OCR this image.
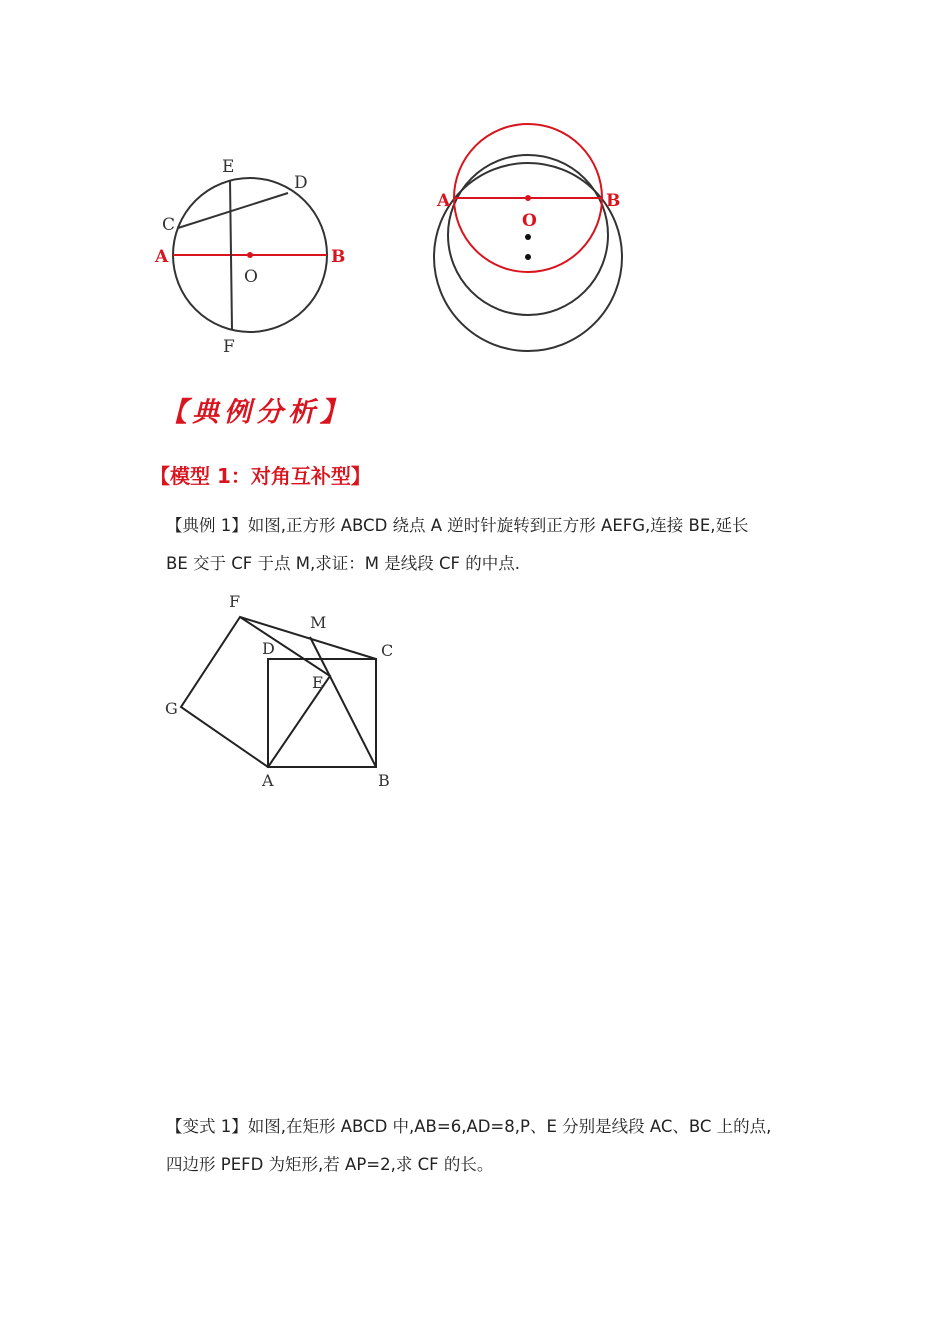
A	B
C
D
E
F
O
A	B
O
【典例分析】
【模型 1：对角互补型】
【典例 1】如图,正方形 ABCD 绕点 A 逆时针旋转到正方形 AEFG,连接 BE,延长
BE 交于 CF 于点 M,求证：M 是线段 CF 的中点.
A	B
C
D
E
F
G
M
【变式 1】如图,在矩形 ABCD 中,AB=6,AD=8,P、E 分别是线段 AC、BC 上的点,
四边形 PEFD 为矩形,若 AP=2,求 CF 的长。
